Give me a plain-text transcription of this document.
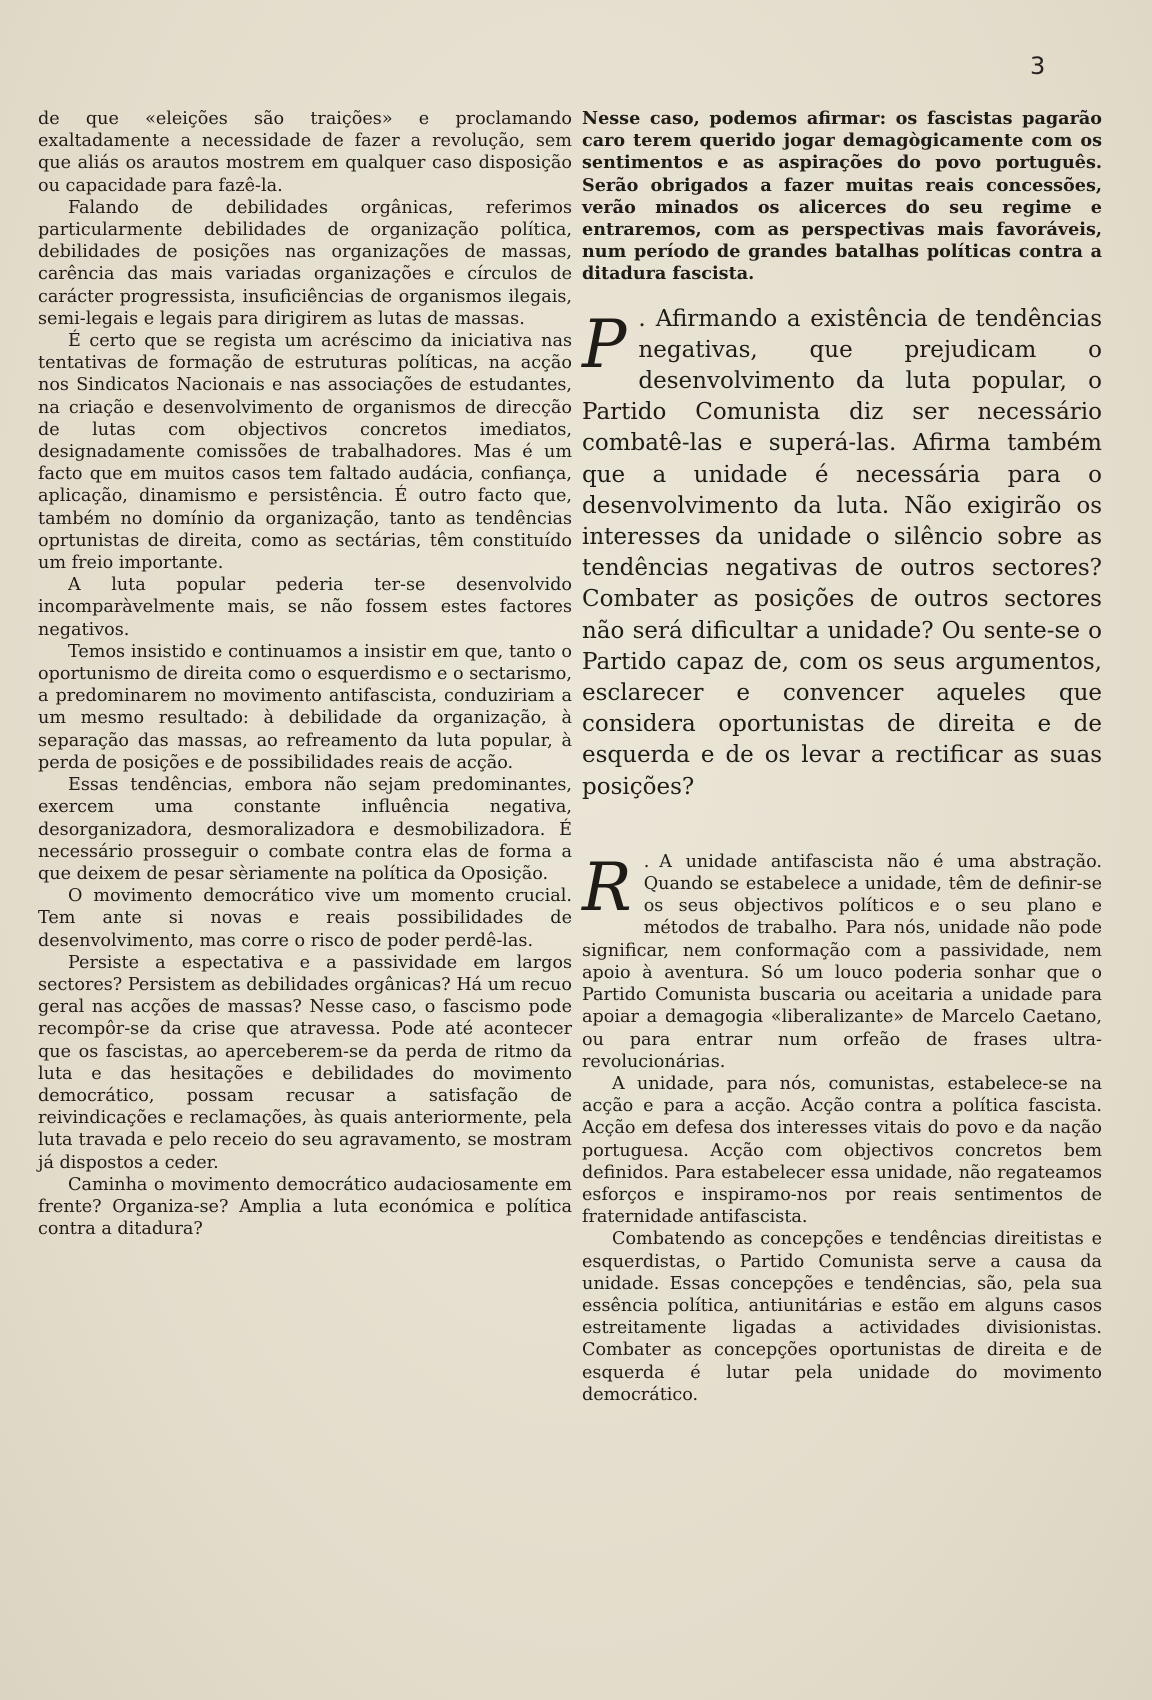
3

de que «eleições são traições» e proclamando exaltadamente a necessidade de fazer a revolução, sem que aliás os arautos mostrem em qualquer caso disposição ou capacidade para fazê-la.

Falando de debilidades orgânicas, referimos particularmente debilidades de organização política, debilidades de posições nas organizações de massas, carência das mais variadas organizações e círculos de carácter progressista, insuficiências de organismos ilegais, semi-legais e legais para dirigirem as lutas de massas.

É certo que se regista um acréscimo da iniciativa nas tentativas de formação de estruturas políticas, na acção nos Sindicatos Nacionais e nas associações de estudantes, na criação e desenvolvimento de organismos de direcção de lutas com objectivos concretos imediatos, designadamente comissões de trabalhadores. Mas é um facto que em muitos casos tem faltado audácia, confiança, aplicação, dinamismo e persistência. É outro facto que, também no domínio da organização, tanto as tendências oprtunistas de direita, como as sectárias, têm constituído um freio importante.

A luta popular pederia ter-se desenvolvido incomparàvelmente mais, se não fossem estes factores negativos.

Temos insistido e continuamos a insistir em que, tanto o oportunismo de direita como o esquerdismo e o sectarismo, a predominarem no movimento antifascista, conduziriam a um mesmo resultado: à debilidade da organização, à separação das massas, ao refreamento da luta popular, à perda de posições e de possibilidades reais de acção.

Essas tendências, embora não sejam predominantes, exercem uma constante influência negativa, desorganizadora, desmoralizadora e desmobilizadora. É necessário prosseguir o combate contra elas de forma a que deixem de pesar sèriamente na política da Oposição.

O movimento democrático vive um momento crucial. Tem ante si novas e reais possibilidades de desenvolvimento, mas corre o risco de poder perdê-las.

Persiste a espectativa e a passividade em largos sectores? Persistem as debilidades orgânicas? Há um recuo geral nas acções de massas? Nesse caso, o fascismo pode recompôr-se da crise que atravessa. Pode até acontecer que os fascistas, ao aperceberem-se da perda de ritmo da luta e das hesitações e debilidades do movimento democrático, possam recusar a satisfação de reivindicações e reclamações, às quais anteriormente, pela luta travada e pelo receio do seu agravamento, se mostram já dispostos a ceder.

Caminha o movimento democrático audaciosamente em frente? Organiza-se? Amplia a luta económica e política contra a ditadura?

Nesse caso, podemos afirmar: os fascistas pagarão caro terem querido jogar demagògicamente com os sentimentos e as aspirações do povo português. Serão obrigados a fazer muitas reais concessões, verão minados os alicerces do seu regime e entraremos, com as perspectivas mais favoráveis, num período de grandes batalhas políticas contra a ditadura fascista.

P . Afirmando a existência de tendências negativas, que prejudicam o desenvolvimento da luta popular, o Partido Comunista diz ser necessário combatê-las e superá-las. Afirma também que a unidade é necessária para o desenvolvimento da luta. Não exigirão os interesses da unidade o silêncio sobre as tendências negativas de outros sectores? Combater as posições de outros sectores não será dificultar a unidade? Ou sente-se o Partido capaz de, com os seus argumentos, esclarecer e convencer aqueles que considera oportunistas de direita e de esquerda e de os levar a rectificar as suas posições?

R . A unidade antifascista não é uma abstração. Quando se estabelece a unidade, têm de definir-se os seus objectivos políticos e o seu plano e métodos de trabalho. Para nós, unidade não pode significar, nem conformação com a passividade, nem apoio à aventura. Só um louco poderia sonhar que o Partido Comunista buscaria ou aceitaria a unidade para apoiar a demagogia «liberalizante» de Marcelo Caetano, ou para entrar num orfeão de frases ultra-revolucionárias.

A unidade, para nós, comunistas, estabelece-se na acção e para a acção. Acção contra a política fascista. Acção em defesa dos interesses vitais do povo e da nação portuguesa. Acção com objectivos concretos bem definidos. Para estabelecer essa unidade, não regateamos esforços e inspiramo-nos por reais sentimentos de fraternidade antifascista.

Combatendo as concepções e tendências direitistas e esquerdistas, o Partido Comunista serve a causa da unidade. Essas concepções e tendências, são, pela sua essência política, antiunitárias e estão em alguns casos estreitamente ligadas a actividades divisionistas. Combater as concepções oportunistas de direita e de esquerda é lutar pela unidade do movimento democrático.
